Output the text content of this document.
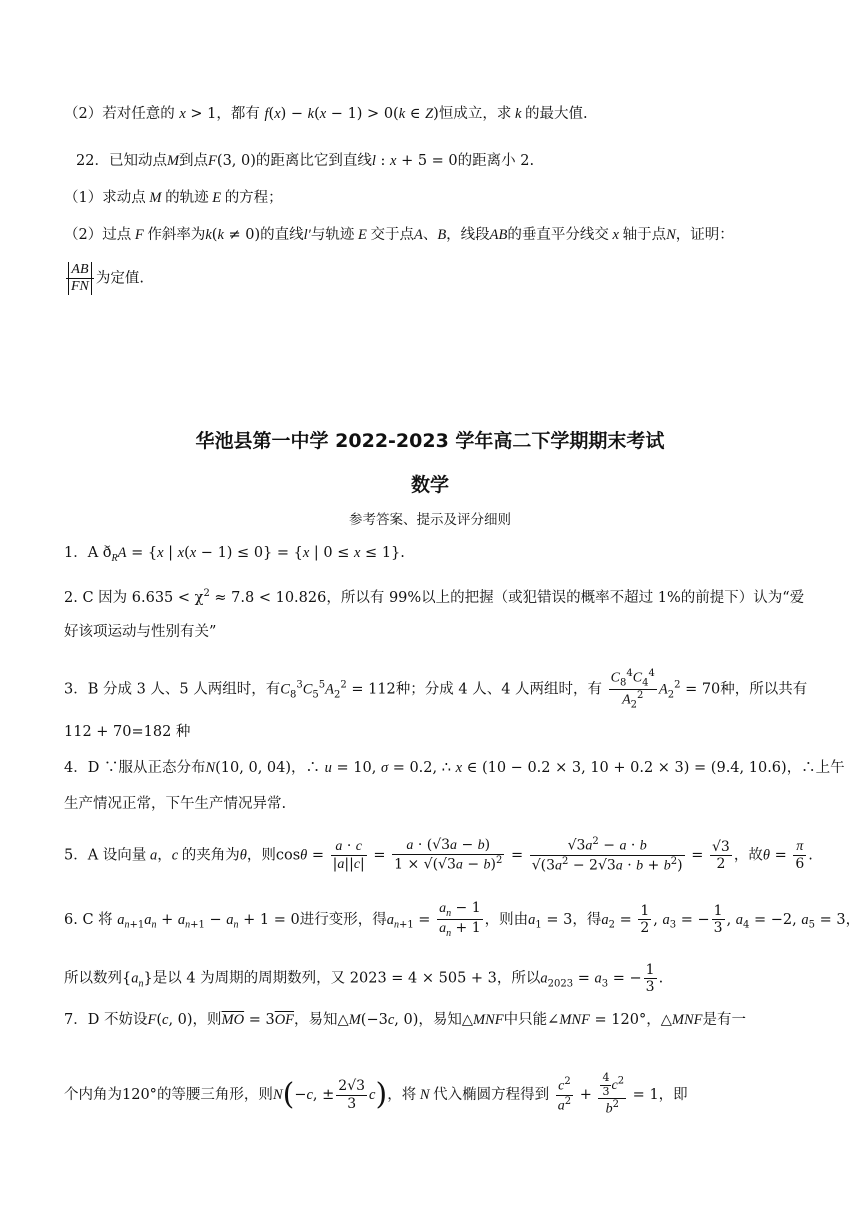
（2）若对任意的 x > 1，都有 f(x) − k(x − 1) > 0(k ∈ Z)恒成立，求 k 的最大值.
22．已知动点M到点F(3, 0)的距离比它到直线l : x + 5 = 0的距离小 2.
（1）求动点 M 的轨迹 E 的方程；
（2）过点 F 作斜率为k(k ≠ 0)的直线l′与轨迹 E 交于点A、B，线段AB的垂直平分线交 x 轴于点N，证明：
$\frac{AB}{FN}$ 为定值.
华池县第一中学 2022-2023 学年高二下学期期末考试
数学
参考答案、提示及评分细则
1．A $ð_RA = \{x$ | x(x − 1) ≤ 0} = {x | 0 ≤ x ≤ 1}.
2. C 因为 $6.635 < \chi^2 \approx 7.8 < 10.826$，所以有 99%以上的把握（或犯错误的概率不超过 1%的前提下）认为“爱
好该项运动与性别有关”
3．B 分成 3 人、5 人两组时，有$C_8^3C_5^5A_2^2 = 112$种；分成 4 人、4 人两组时，有 $\frac{C_8^4C_4^4}{A_2^2} A_2^2 = 70$种，所以共有
112 + 70=182 种
4．D ∵服从正态分布N(10, 0, 04)，∴ u = 10, σ = 0.2, ∴ x ∈ (10 − 0.2 × 3, 10 + 0.2 × 3) = (9.4, 10.6)，∴上午
生产情况正常，下午生产情况异常.
5．A 设向量 a，c 的夹角为θ，则$\cos\theta = \frac{a \cdot c}{|a||c|} = \frac{a \cdot (√3a - b)}{1 \times √(√3a - b)^2} = \frac{√3a^2 - a \cdot b}{√(3a^2 - 2√3a \cdot b + b^2)} = \frac{√3}{2}$ ，故$\theta = \frac{\pi}{6}$ .
6. C 将 $a_{n+1}a_n + a_{n+1} - a_n + 1 = 0$进行变形，得$a_{n+1} = \frac{a_n - 1}{a_n + 1}$ ，则由$a_1 = 3$，得$a_2 = \frac{1}{2}$ , $a_3$ = − $\frac{1}{3}$ , $a_4 = -2$, $a_5 = 3$，
所以数列$\{a_n\}$是以 4 为周期的周期数列，又 2023 = 4 × 505 + 3，所以$a_{2023} = a_3$ = − $\frac{1}{3}$ .
7．D 不妨设F(c, 0)，则$\overline{MO} = 3\overline{OF}$，易知△M(−3c, 0)，易知△MNF中只能∠MNF = 120°，△MNF是有一
个内角为120°的等腰三角形，则N(−c, ± $\frac{2√3}{3} c$)，将 N 代入椭圆方程得到 $\frac{c^2}{a^2} + \frac{\frac{4}{3} c^2}{b^2} = 1$，即
